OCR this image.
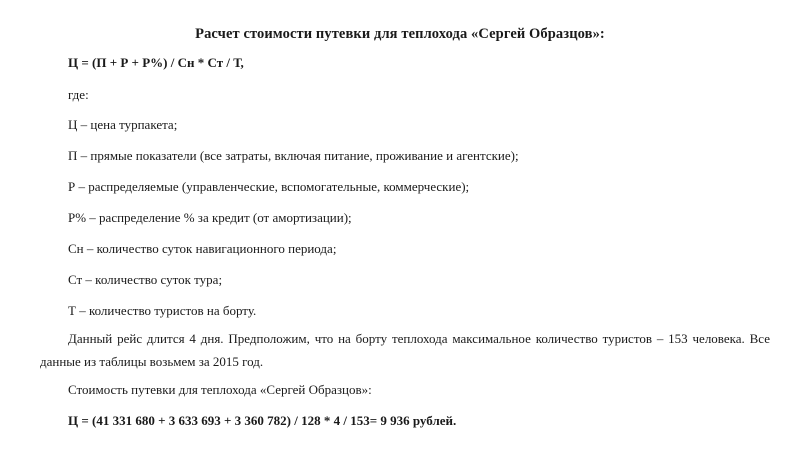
Расчет стоимости путевки для теплохода «Сергей Образцов»:
Ц = (П + Р + Р%) / Сн * Ст / Т,
где:
Ц – цена турпакета;
П – прямые показатели (все затраты, включая питание, проживание и агентские);
Р – распределяемые (управленческие, вспомогательные, коммерческие);
Р% – распределение % за кредит (от амортизации);
Сн – количество суток навигационного периода;
Ст – количество суток тура;
Т – количество туристов на борту.
Данный рейс длится 4 дня. Предположим, что на борту теплохода максимальное количество туристов – 153 человека. Все данные из таблицы возьмем за 2015 год.
Стоимость путевки для теплохода «Сергей Образцов»:
Ц = (41 331 680 + 3 633 693 + 3 360 782) / 128 * 4 / 153= 9 936 рублей.
